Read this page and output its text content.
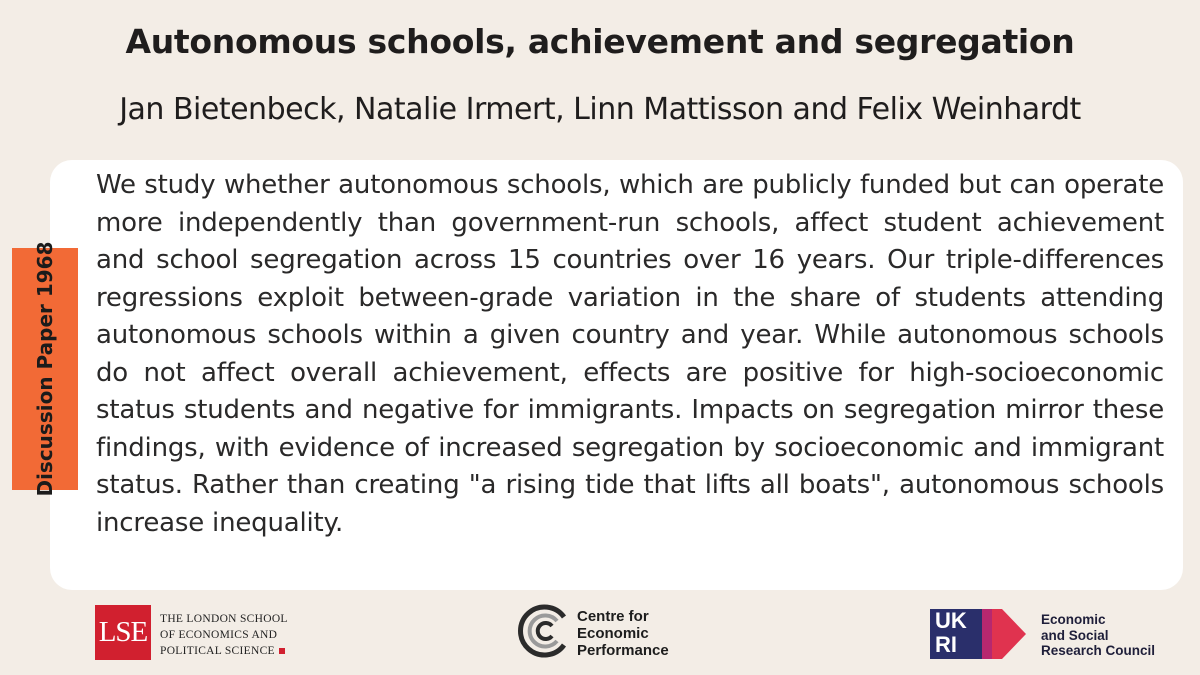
Autonomous schools, achievement and segregation
Jan Bietenbeck, Natalie Irmert, Linn Mattisson and Felix Weinhardt

We study whether autonomous schools, which are publicly funded but can operate more independently than government-run schools, affect student achievement and school segregation across 15 countries over 16 years. Our triple-differences regressions exploit between-grade variation in the share of students attending autonomous schools within a given country and year. While autonomous schools do not affect overall achievement, effects are positive for high-socioeconomic status students and negative for immigrants. Impacts on segregation mirror these findings, with evidence of increased segregation by socioeconomic and immigrant status. Rather than creating "a rising tide that lifts all boats", autonomous schools increase inequality.

Discussion Paper 1968
LSE	THE LONDON SCHOOL
OF ECONOMICS AND
POLITICAL SCIENCE
Centre for
Economic
Performance
UK
RI
Economic
and Social
Research Council
